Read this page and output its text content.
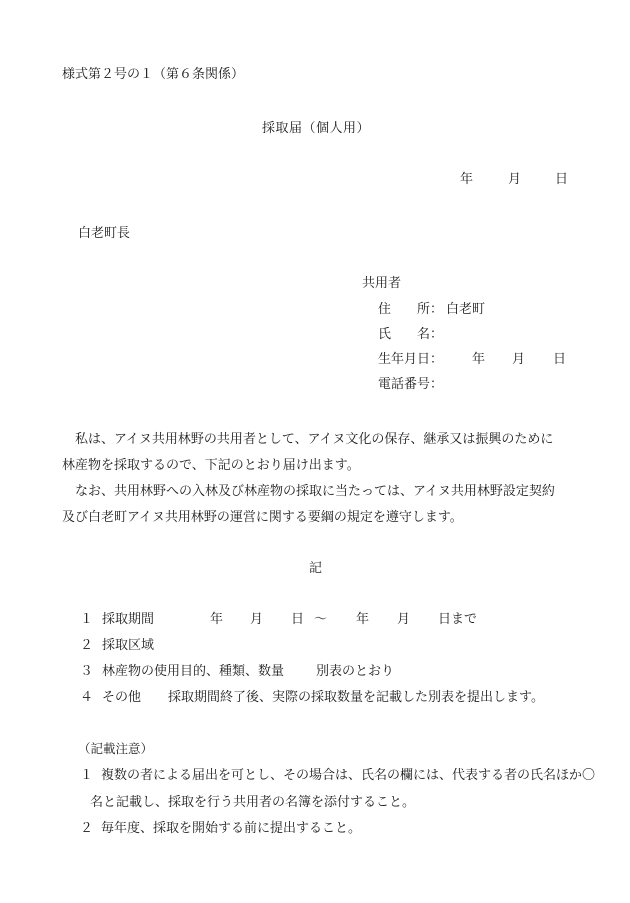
様式第２号の１（第６条関係）
採取届（個人用）
年	月	日
白老町長
共用者
住　　所： 白老町
氏　　名：
生年月日： 年 月 日
電話番号：
私は、アイヌ共用林野の共用者として、アイヌ文化の保存、継承又は振興のために
林産物を採取するので、下記のとおり届け出ます。
なお、共用林野への入林及び林産物の採取に当たっては、アイヌ共用林野設定契約
及び白老町アイヌ共用林野の運営に関する要綱の規定を遵守します。
記
１ 採取期間	年 月 日 ～ 年 月 日まで
２ 採取区域
３ 林産物の使用目的、種類、数量 別表のとおり
４ その他 採取期間終了後、実際の採取数量を記載した別表を提出します。
（記載注意）
１ 複数の者による届出を可とし、その場合は、氏名の欄には、代表する者の氏名ほか〇
名と記載し、採取を行う共用者の名簿を添付すること。
２ 毎年度、採取を開始する前に提出すること。
